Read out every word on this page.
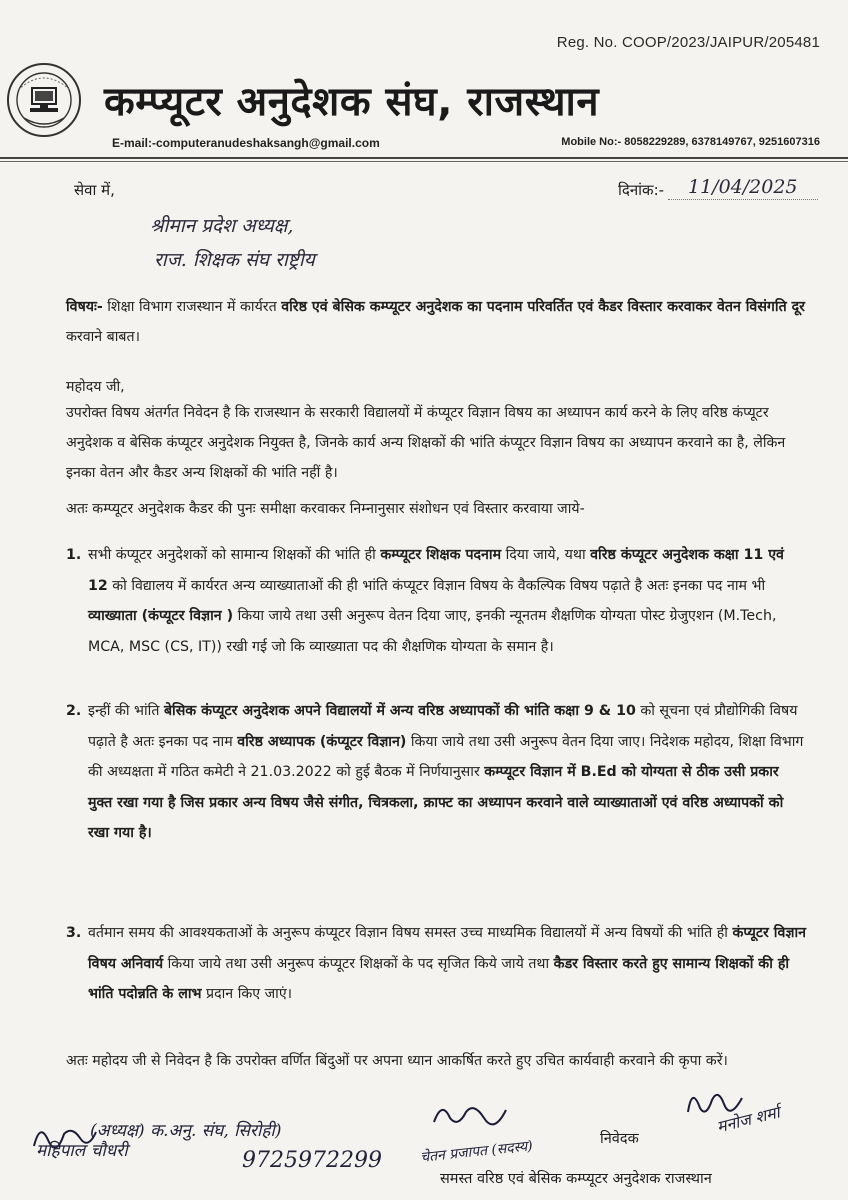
Reg. No. COOP/2023/JAIPUR/205481
कम्प्यूटर अनुदेशक संघ, राजस्थान
E-mail:-computeranudeshaksangh@gmail.com	Mobile No:- 8058229289, 6378149767, 9251607316
सेवा में,	दिनांक:- 11/04/2025
श्रीमान प्रदेश अध्यक्ष,
राज. शिक्षक संघ राष्ट्रीय
विषयः- शिक्षा विभाग राजस्थान में कार्यरत वरिष्ठ एवं बेसिक कम्प्यूटर अनुदेशक का पदनाम परिवर्तित एवं कैडर विस्तार करवाकर वेतन विसंगति दूर करवाने बाबत।
महोदय जी,
उपरोक्त विषय अंतर्गत निवेदन है कि राजस्थान के सरकारी विद्यालयों में कंप्यूटर विज्ञान विषय का अध्यापन कार्य करने के लिए वरिष्ठ कंप्यूटर अनुदेशक व बेसिक कंप्यूटर अनुदेशक नियुक्त है, जिनके कार्य अन्य शिक्षकों की भांति कंप्यूटर विज्ञान विषय का अध्यापन करवाने का है, लेकिन इनका वेतन और कैडर अन्य शिक्षकों की भांति नहीं है।
अतः कम्प्यूटर अनुदेशक कैडर की पुनः समीक्षा करवाकर निम्नानुसार संशोधन एवं विस्तार करवाया जाये-
1. सभी कंप्यूटर अनुदेशकों को सामान्य शिक्षकों की भांति ही कम्प्यूटर शिक्षक पदनाम दिया जाये, यथा वरिष्ठ कंप्यूटर अनुदेशक कक्षा 11 एवं 12 को विद्यालय में कार्यरत अन्य व्याख्याताओं की ही भांति कंप्यूटर विज्ञान विषय के वैकल्पिक विषय पढ़ाते है अतः इनका पद नाम भी व्याख्याता (कंप्यूटर विज्ञान ) किया जाये तथा उसी अनुरूप वेतन दिया जाए, इनकी न्यूनतम शैक्षणिक योग्यता पोस्ट ग्रेजुएशन (M.Tech, MCA, MSC (CS, IT)) रखी गई जो कि व्याख्याता पद की शैक्षणिक योग्यता के समान है।
2. इन्हीं की भांति बेसिक कंप्यूटर अनुदेशक अपने विद्यालयों में अन्य वरिष्ठ अध्यापकों की भांति कक्षा 9 & 10 को सूचना एवं प्रौद्योगिकी विषय पढ़ाते है अतः इनका पद नाम वरिष्ठ अध्यापक (कंप्यूटर विज्ञान) किया जाये तथा उसी अनुरूप वेतन दिया जाए। निदेशक महोदय, शिक्षा विभाग की अध्यक्षता में गठित कमेटी ने 21.03.2022 को हुई बैठक में निर्णयानुसार कम्प्यूटर विज्ञान में B.Ed को योग्यता से ठीक उसी प्रकार मुक्त रखा गया है जिस प्रकार अन्य विषय जैसे संगीत, चित्रकला, क्राफ्ट का अध्यापन करवाने वाले व्याख्याताओं एवं वरिष्ठ अध्यापकों को रखा गया है।
3. वर्तमान समय की आवश्यकताओं के अनुरूप कंप्यूटर विज्ञान विषय समस्त उच्च माध्यमिक विद्यालयों में अन्य विषयों की भांति ही कंप्यूटर विज्ञान विषय अनिवार्य किया जाये तथा उसी अनुरूप कंप्यूटर शिक्षकों के पद सृजित किये जाये तथा कैडर विस्तार करते हुए सामान्य शिक्षकों की ही भांति पदोन्नति के लाभ प्रदान किए जाएं।
अतः महोदय जी से निवेदन है कि उपरोक्त वर्णित बिंदुओं पर अपना ध्यान आकर्षित करते हुए उचित कार्यवाही करवाने की कृपा करें।
महिपाल चौधरी
(अध्यक्ष) क.अनु. संघ, सिरोही)
9725972299	चेतन प्रजापत (सदस्य)	निवेदक
मनोज शर्मा
समस्त वरिष्ठ एवं बेसिक कम्प्यूटर अनुदेशक राजस्थान
